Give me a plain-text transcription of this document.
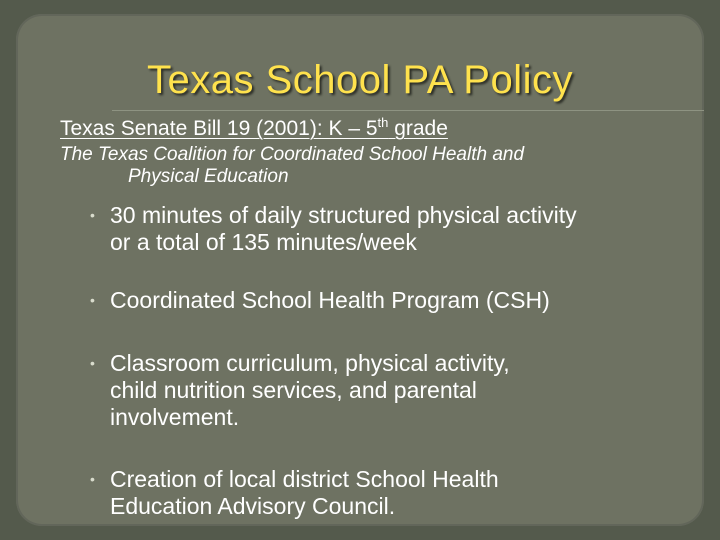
Texas School PA Policy
Texas Senate Bill 19 (2001): K – 5th grade
The Texas Coalition for Coordinated School Health and
Physical Education
• 30 minutes of daily structured physical activity
or a total of 135 minutes/week
• Coordinated School Health Program (CSH)
• Classroom curriculum, physical activity,
child nutrition services, and parental
involvement.
• Creation of local district School Health
Education Advisory Council.
